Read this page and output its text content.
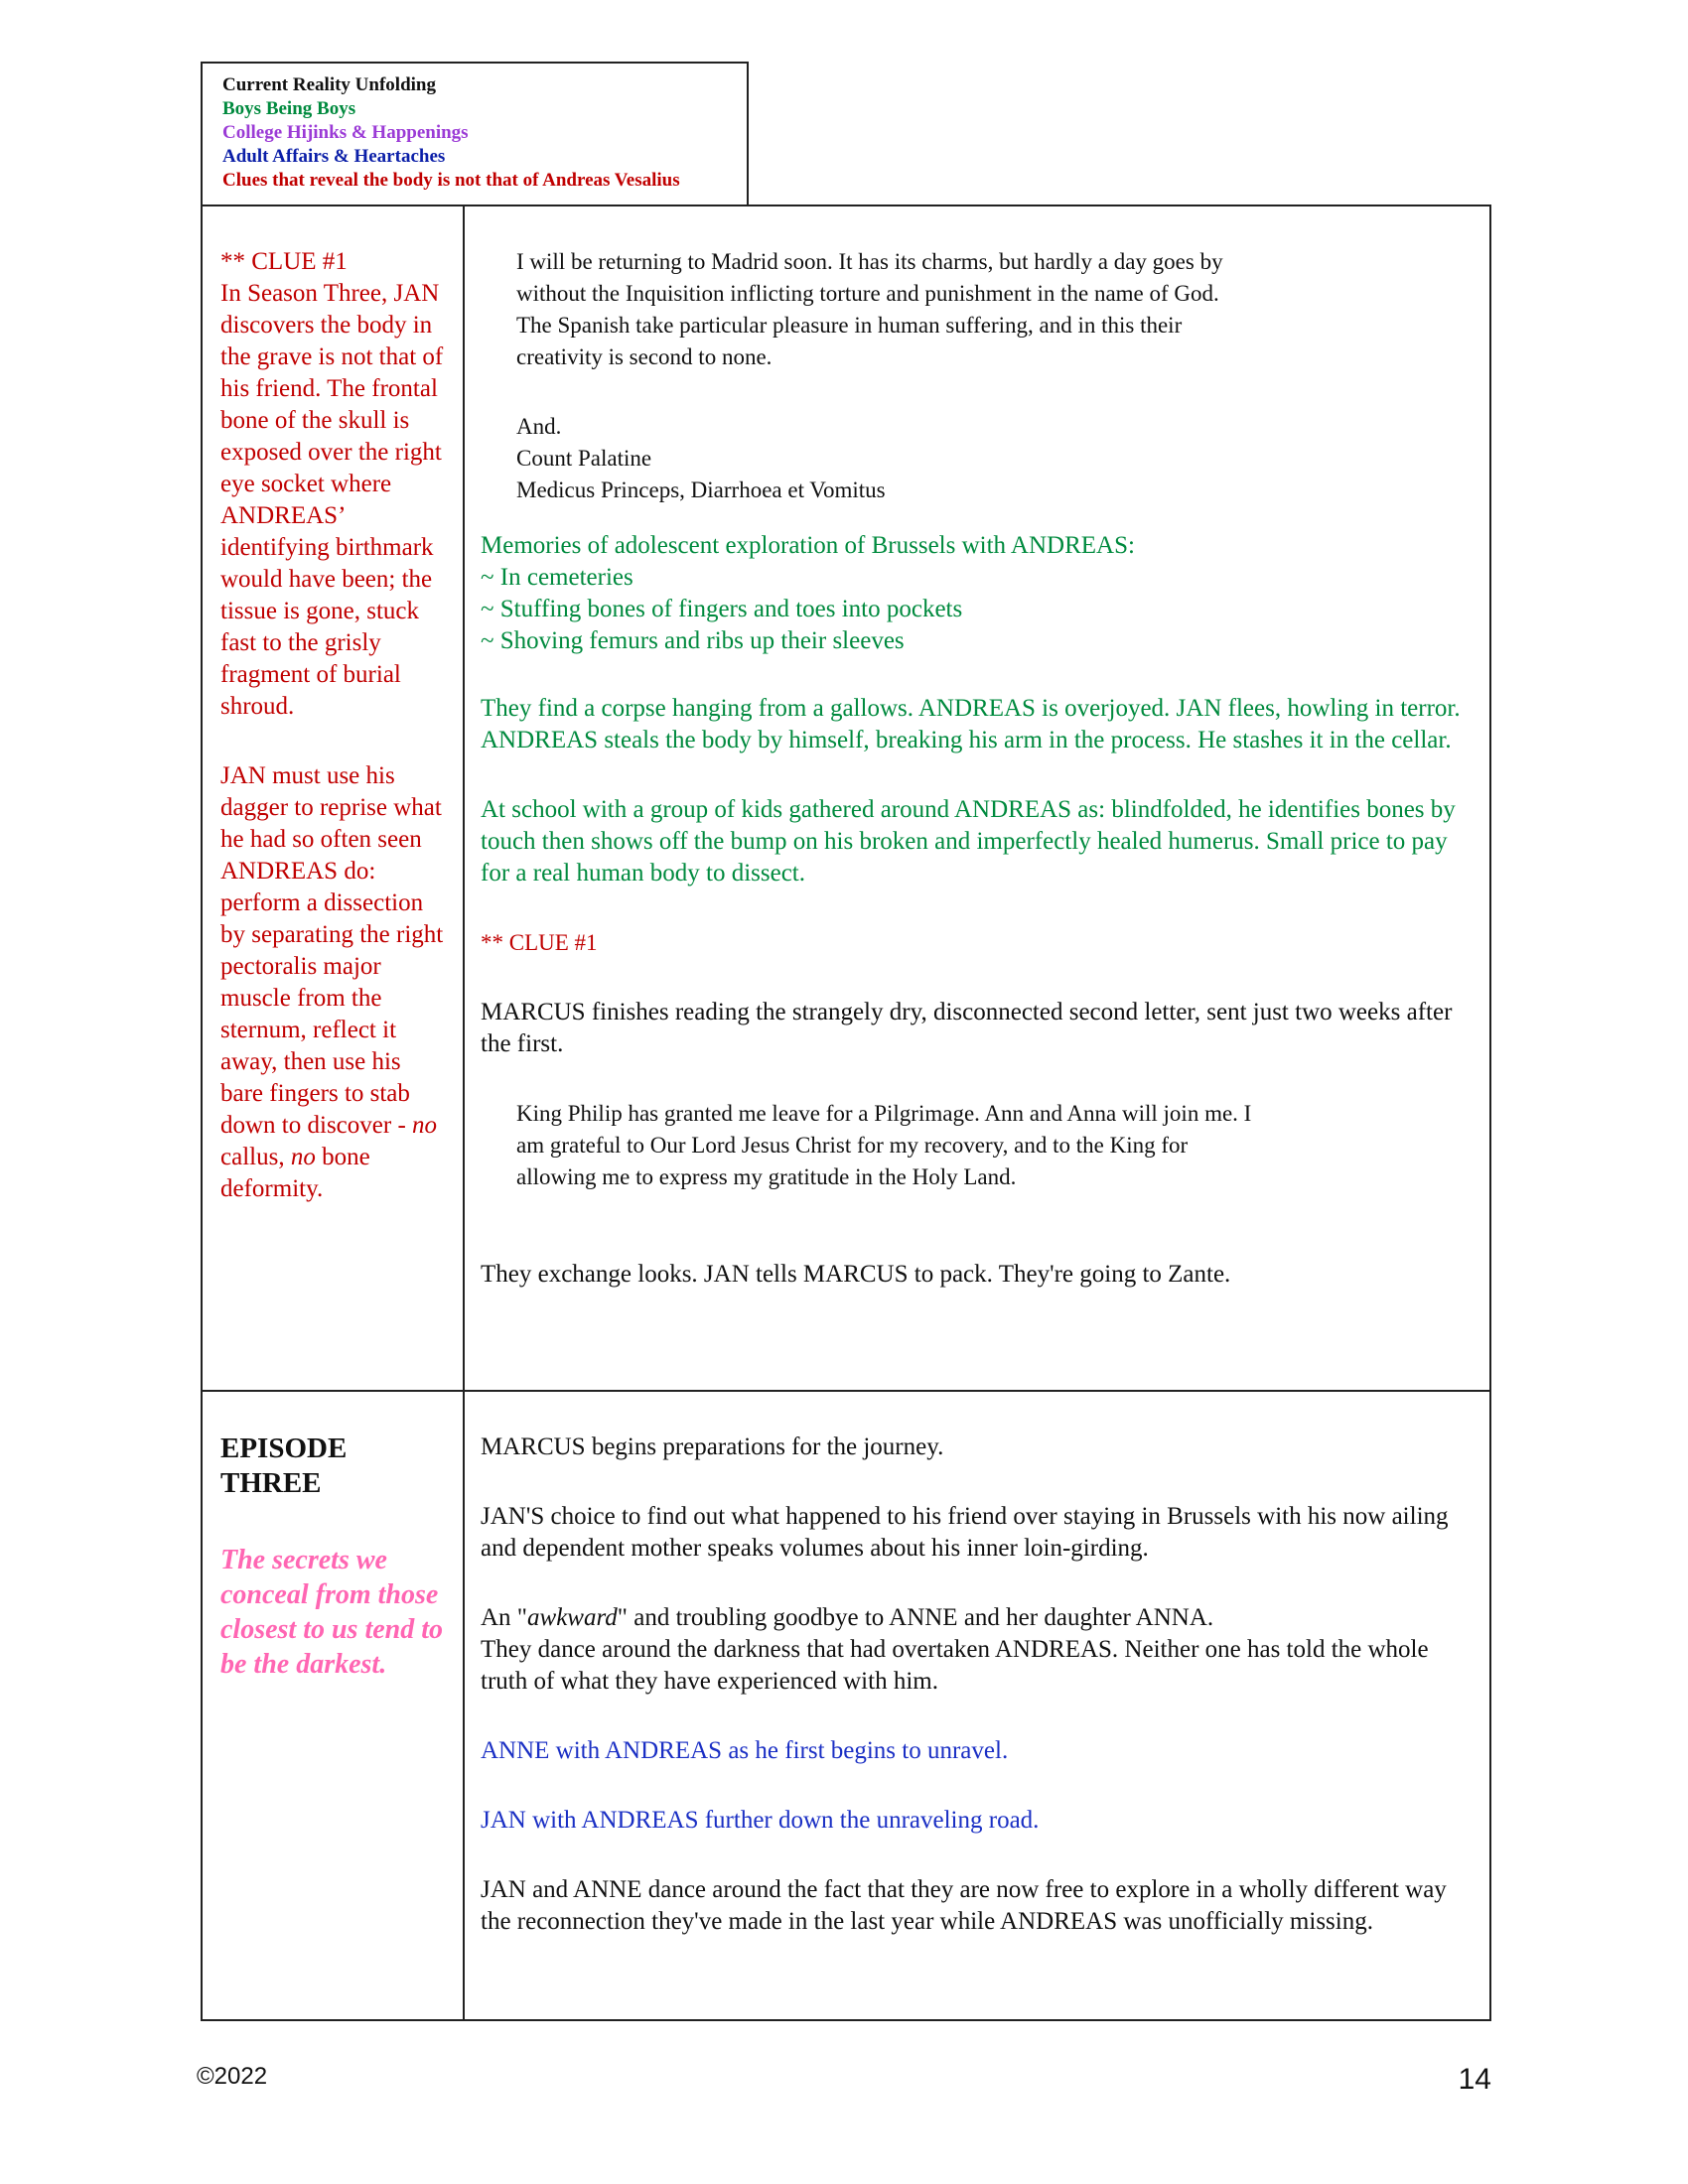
Current Reality Unfolding
Boys Being Boys
College Hijinks & Happenings
Adult Affairs & Heartaches
Clues that reveal the body is not that of Andreas Vesalius
** CLUE #1

In Season Three, JAN discovers the body in the grave is not that of his friend. The frontal bone of the skull is exposed over the right eye socket where ANDREAS’ identifying birthmark would have been; the tissue is gone, stuck fast to the grisly fragment of burial shroud.

JAN must use his dagger to reprise what he had so often seen ANDREAS do: perform a dissection by separating the right pectoralis major muscle from the sternum, reflect it away, then use his bare fingers to stab down to discover - no callus, no bone deformity.

I will be returning to Madrid soon. It has its charms, but hardly a day goes by
without the Inquisition inflicting torture and punishment in the name of God.
The Spanish take particular pleasure in human suffering, and in this their
creativity is second to none.
And.
Count Palatine
Medicus Princeps, Diarrhoea et Vomitus
Memories of adolescent exploration of Brussels with ANDREAS:
~ In cemeteries
~ Stuffing bones of fingers and toes into pockets
~ Shoving femurs and ribs up their sleeves

They find a corpse hanging from a gallows. ANDREAS is overjoyed. JAN flees, howling in terror. ANDREAS steals the body by himself, breaking his arm in the process. He stashes it in the cellar.

At school with a group of kids gathered around ANDREAS as: blindfolded, he identifies bones by touch then shows off the bump on his broken and imperfectly healed humerus. Small price to pay for a real human body to dissect.

** CLUE #1

MARCUS finishes reading the strangely dry, disconnected second letter, sent just two weeks after the first.

King Philip has granted me leave for a Pilgrimage. Ann and Anna will join me. I
am grateful to Our Lord Jesus Christ for my recovery, and to the King for
allowing me to express my gratitude in the Holy Land.

They exchange looks. JAN tells MARCUS to pack. They're going to Zante.

EPISODE
THREE
The secrets we conceal from those closest to us tend to be the darkest.

MARCUS begins preparations for the journey.

JAN'S choice to find out what happened to his friend over staying in Brussels with his now ailing and dependent mother speaks volumes about his inner loin-girding.

An "awkward" and troubling goodbye to ANNE and her daughter ANNA.
They dance around the darkness that had overtaken ANDREAS. Neither one has told the whole truth of what they have experienced with him.

ANNE with ANDREAS as he first begins to unravel.

JAN with ANDREAS further down the unraveling road.

JAN and ANNE dance around the fact that they are now free to explore in a wholly different way the reconnection they've made in the last year while ANDREAS was unofficially missing.

©2022	14
